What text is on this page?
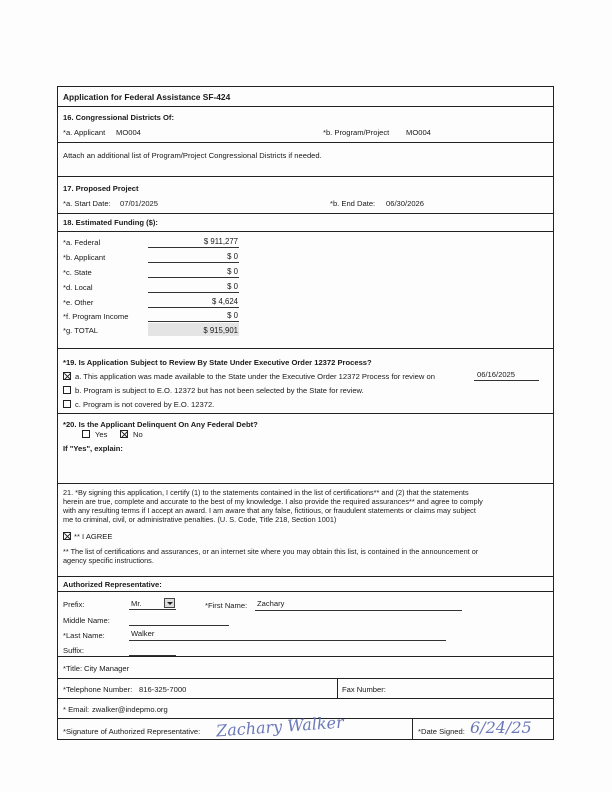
Application for Federal Assistance SF-424
16. Congressional Districts Of:
*a. Applicant MO004	*b. Program/Project MO004
Attach an additional list of Program/Project Congressional Districts if needed.
17. Proposed Project
*a. Start Date: 07/01/2025	*b. End Date: 06/30/2026
18. Estimated Funding ($):
*a. Federal	$ 911,277
*b. Applicant	$ 0
*c. State	$ 0
*d. Local	$ 0
*e. Other	$ 4,624
*f. Program Income	$ 0
*g. TOTAL	$ 915,901
*19. Is Application Subject to Review By State Under Executive Order 12372 Process?
a. This application was made available to the State under the Executive Order 12372 Process for review on	06/16/2025
b. Program is subject to E.O. 12372 but has not been selected by the State for review.
c. Program is not covered by E.O. 12372.
*20. Is the Applicant Delinquent On Any Federal Debt?
Yes	No
If "Yes", explain:
21. *By signing this application, I certify (1) to the statements contained in the list of certifications** and (2) that the statements
herein are true, complete and accurate to the best of my knowledge. I also provide the required assurances** and agree to comply
with any resulting terms if I accept an award. I am aware that any false, fictitious, or fraudulent statements or claims may subject
me to criminal, civil, or administrative penalties. (U. S. Code, Title 218, Section 1001)
** I AGREE
** The list of certifications and assurances, or an internet site where you may obtain this list, is contained in the announcement or
agency specific instructions.
Authorized Representative:
Prefix:	Mr.	*First Name: Zachary
Middle Name:
*Last Name:	Walker
Suffix:
*Title: City Manager
*Telephone Number: 816-325-7000	Fax Number:
* Email: zwalker@indepmo.org
*Signature of Authorized Representative: Zachary Walker	*Date Signed: 6/24/25
